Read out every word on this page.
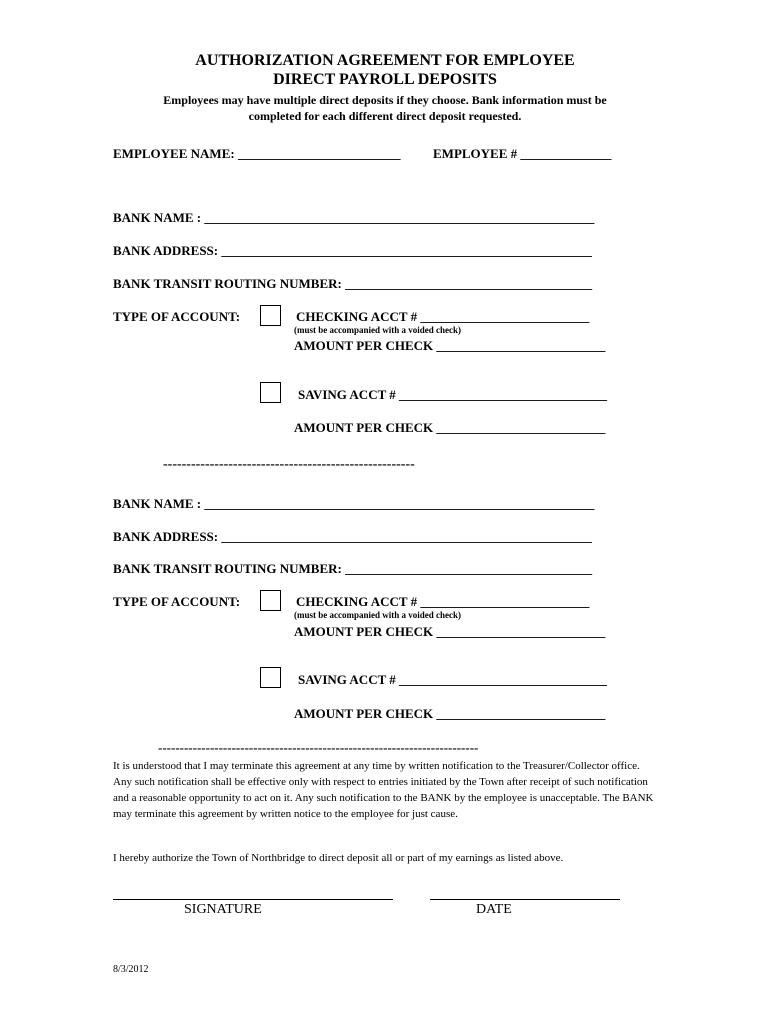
AUTHORIZATION AGREEMENT FOR EMPLOYEE
DIRECT PAYROLL DEPOSITS
Employees may have multiple direct deposits if they choose. Bank information must be
completed for each different direct deposit requested.
EMPLOYEE NAME: _________________________	EMPLOYEE # ______________
BANK NAME : ____________________________________________________________
BANK ADDRESS: _________________________________________________________
BANK TRANSIT ROUTING NUMBER: ______________________________________
TYPE OF ACCOUNT:	CHECKING ACCT # __________________________
(must be accompanied with a voided check)
AMOUNT PER CHECK __________________________
SAVING ACCT # ________________________________
AMOUNT PER CHECK __________________________
------------------------------------------------------
BANK NAME : ____________________________________________________________
BANK ADDRESS: _________________________________________________________
BANK TRANSIT ROUTING NUMBER: ______________________________________
TYPE OF ACCOUNT:	CHECKING ACCT # __________________________
(must be accompanied with a voided check)
AMOUNT PER CHECK __________________________
SAVING ACCT # ________________________________
AMOUNT PER CHECK __________________________
--------------------------------------------------------------------------
It is understood that I may terminate this agreement at any time by written notification to the Treasurer/Collector office. Any such notification shall be effective only with respect to entries initiated by the Town after receipt of such notification and a reasonable opportunity to act on it. Any such notification to the BANK by the employee is unacceptable. The BANK may terminate this agreement by written notice to the employee for just cause.
I hereby authorize the Town of Northbridge to direct deposit all or part of my earnings as listed above.
SIGNATURE	DATE
8/3/2012
